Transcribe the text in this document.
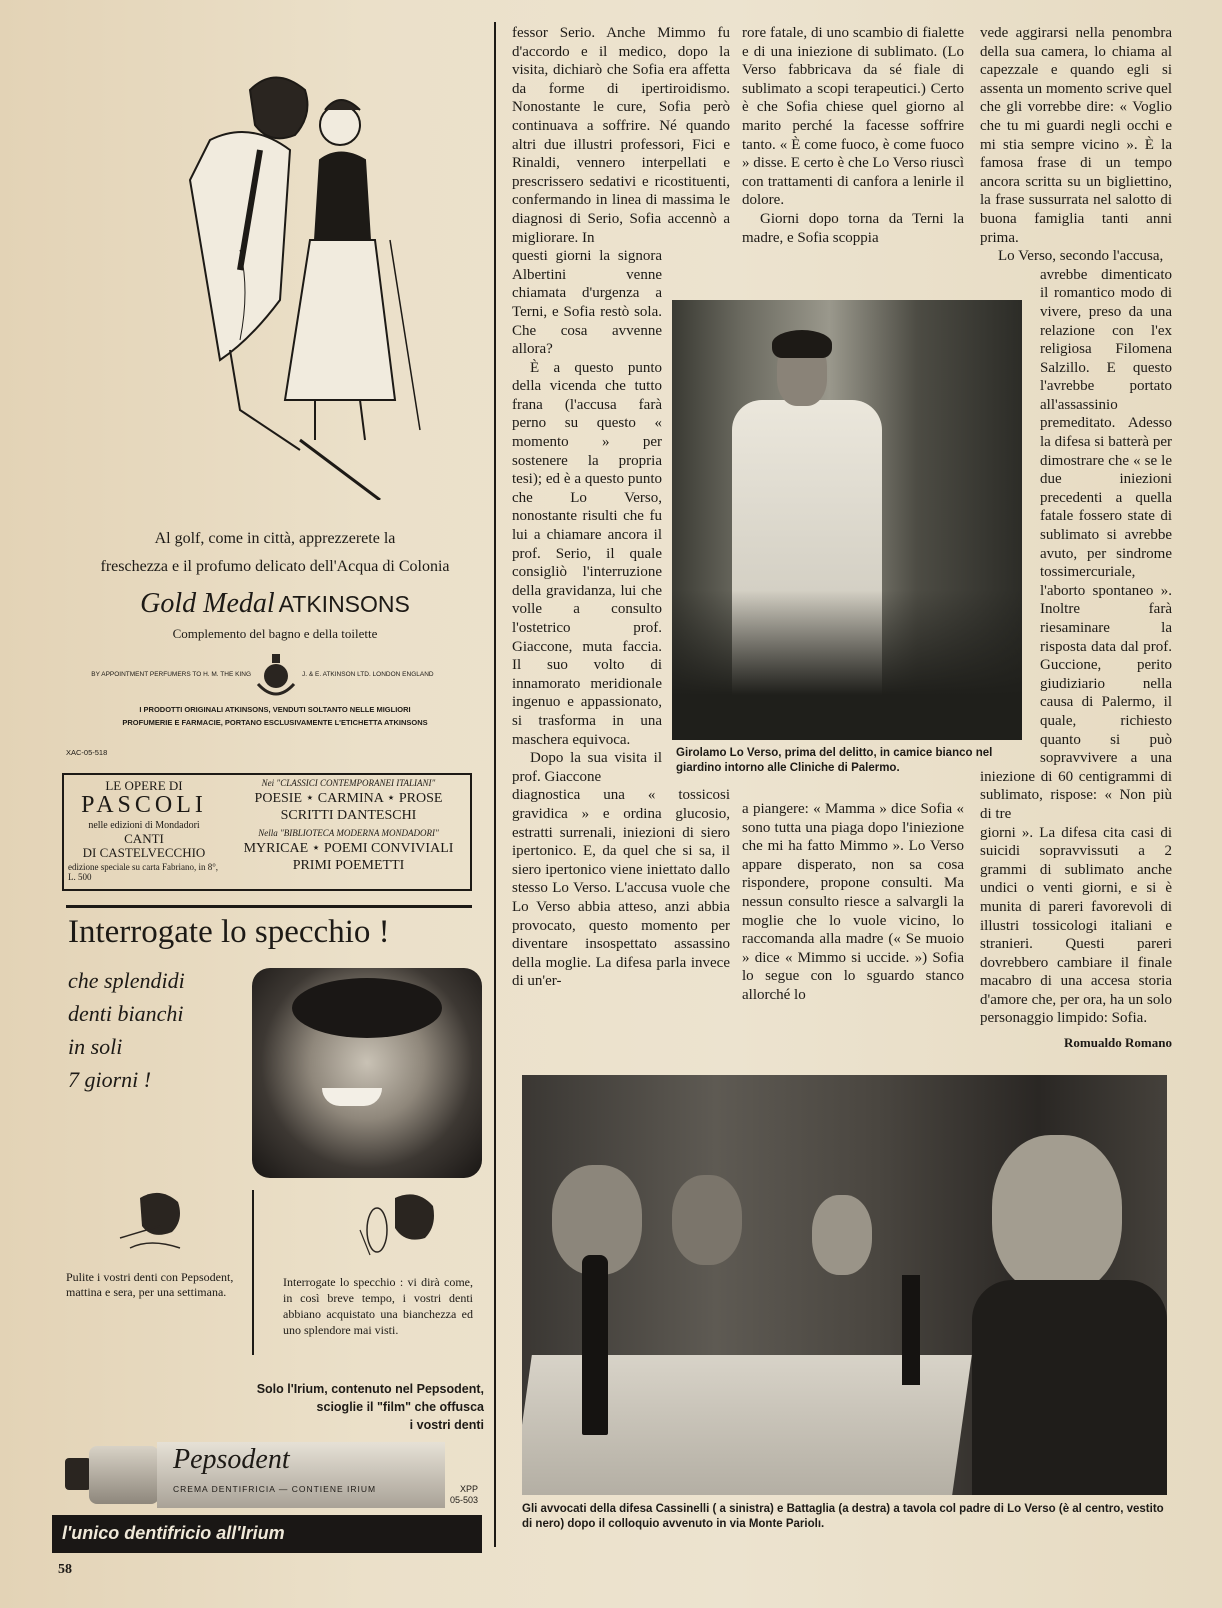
Al golf, come in città, apprezzerete la
freschezza e il profumo delicato dell'Acqua di Colonia
Gold Medal ATKINSONS
Complemento del bagno e della toilette
BY APPOINTMENT PERFUMERS TO H. M. THE KING	J. & E. ATKINSON LTD. LONDON ENGLAND
I PRODOTTI ORIGINALI ATKINSONS, VENDUTI SOLTANTO NELLE MIGLIORI
PROFUMERIE E FARMACIE, PORTANO ESCLUSIVAMENTE L'ETICHETTA ATKINSONS
XAC-05-518
LE OPERE DI
PASCOLI
nelle edizioni di Mondadori
CANTI
DI CASTELVECCHIO
edizione speciale su carta Fabriano, in 8°, L. 500
Nei "CLASSICI CONTEMPORANEI ITALIANI"
POESIE ⋆ CARMINA ⋆ PROSE
SCRITTI DANTESCHI
Nella "BIBLIOTECA MODERNA MONDADORI"
MYRICAE ⋆ POEMI CONVIVIALI
PRIMI POEMETTI
Interrogate lo specchio !
che splendidi
denti bianchi
in soli
7 giorni !
Pulite i vostri denti con Pepsodent, mattina e sera, per una settimana.
Interrogate lo specchio : vi dirà come, in così breve tempo, i vostri denti abbiano acquistato una bianchezza ed uno splendore mai visti.
Solo l'Irium, contenuto nel Pepsodent,
scioglie il "film" che offusca
i vostri denti
Pepsodent
CREMA DENTIFRICIA — CONTIENE IRIUM	XPP
05-503
l'unico dentifricio all'Irium
58

fessor Serio. Anche Mimmo fu d'accordo e il medico, dopo la visita, dichiarò che Sofia era affetta da forme di ipertiroidismo. Nonostante le cure, Sofia però continuava a soffrire. Né quando altri due illustri professori, Fici e Rinaldi, vennero interpellati e prescrissero sedativi e ricostituenti, confermando in linea di massima le diagnosi di Serio, Sofia accennò a migliorare. In

questi giorni la signora Albertini venne chiamata d'urgenza a Terni, e Sofia restò sola. Che cosa avvenne allora?

È a questo punto della vicenda che tutto frana (l'accusa farà perno su questo « momento » per sostenere la propria tesi); ed è a questo punto che Lo Verso, nonostante risulti che fu lui a chiamare ancora il prof. Serio, il quale consigliò l'interruzione della gravidanza, lui che volle a consulto l'ostetrico prof. Giaccone, muta faccia. Il suo volto di innamorato meridionale ingenuo e appassionato, si trasforma in una maschera equivoca.

Dopo la sua visita il prof. Giaccone

diagnostica una « tossicosi gravidica » e ordina glucosio, estratti surrenali, iniezioni di siero ipertonico. E, da quel che si sa, il siero ipertonico viene iniettato dallo stesso Lo Verso. L'accusa vuole che Lo Verso abbia atteso, anzi abbia provocato, questo momento per diventare insospettato assassino della moglie. La difesa parla invece di un'er-

rore fatale, di uno scambio di fialette e di una iniezione di sublimato. (Lo Verso fabbricava da sé fiale di sublimato a scopi terapeutici.) Certo è che Sofia chiese quel giorno al marito perché la facesse soffrire tanto. « È come fuoco, è come fuoco » disse. E certo è che Lo Verso riuscì con trattamenti di canfora a lenirle il dolore.

Giorni dopo torna da Terni la madre, e Sofia scoppia

a piangere: « Mamma » dice Sofia « sono tutta una piaga dopo l'iniezione che mi ha fatto Mimmo ». Lo Verso appare disperato, non sa cosa rispondere, propone consulti. Ma nessun consulto riesce a salvargli la moglie che lo vuole vicino, lo raccomanda alla madre (« Se muoio » dice « Mimmo si uccide. ») Sofia lo segue con lo sguardo stanco allorché lo

vede aggirarsi nella penombra della sua camera, lo chiama al capezzale e quando egli si assenta un momento scrive quel che gli vorrebbe dire: « Voglio che tu mi guardi negli occhi e mi stia sempre vicino ». È la famosa frase di un tempo ancora scritta su un bigliettino, la frase sussurrata nel salotto di buona famiglia tanti anni prima.

Lo Verso, secondo l'accusa,

avrebbe dimenticato il romantico modo di vivere, preso da una relazione con l'ex religiosa Filomena Salzillo. E questo l'avrebbe portato all'assassinio premeditato. Adesso la difesa si batterà per dimostrare che « se le due iniezioni precedenti a quella fatale fossero state di sublimato si avrebbe avuto, per sindrome tossimercuriale, l'aborto spontaneo ». Inoltre farà riesaminare la risposta data dal prof. Guccione, perito giudiziario nella causa di Palermo, il quale, richiesto quanto si può sopravvivere a una iniezione di 60 centigrammi di sublimato, rispose: « Non più di tre

giorni ». La difesa cita casi di suicidi sopravvissuti a 2 grammi di sublimato anche undici o venti giorni, e si è munita di pareri favorevoli di illustri tossicologi italiani e stranieri. Questi pareri dovrebbero cambiare il finale macabro di una accesa storia d'amore che, per ora, ha un solo personaggio limpido: Sofia.

Romualdo Romano
Girolamo Lo Verso, prima del delitto, in camice bianco nel giardino intorno alle Cliniche di Palermo.
Gli avvocati della difesa Cassinelli ( a sinistra) e Battaglia (a destra) a tavola col padre di Lo Verso (è al centro, vestito di nero) dopo il colloquio avvenuto in via Monte Pariolı.
